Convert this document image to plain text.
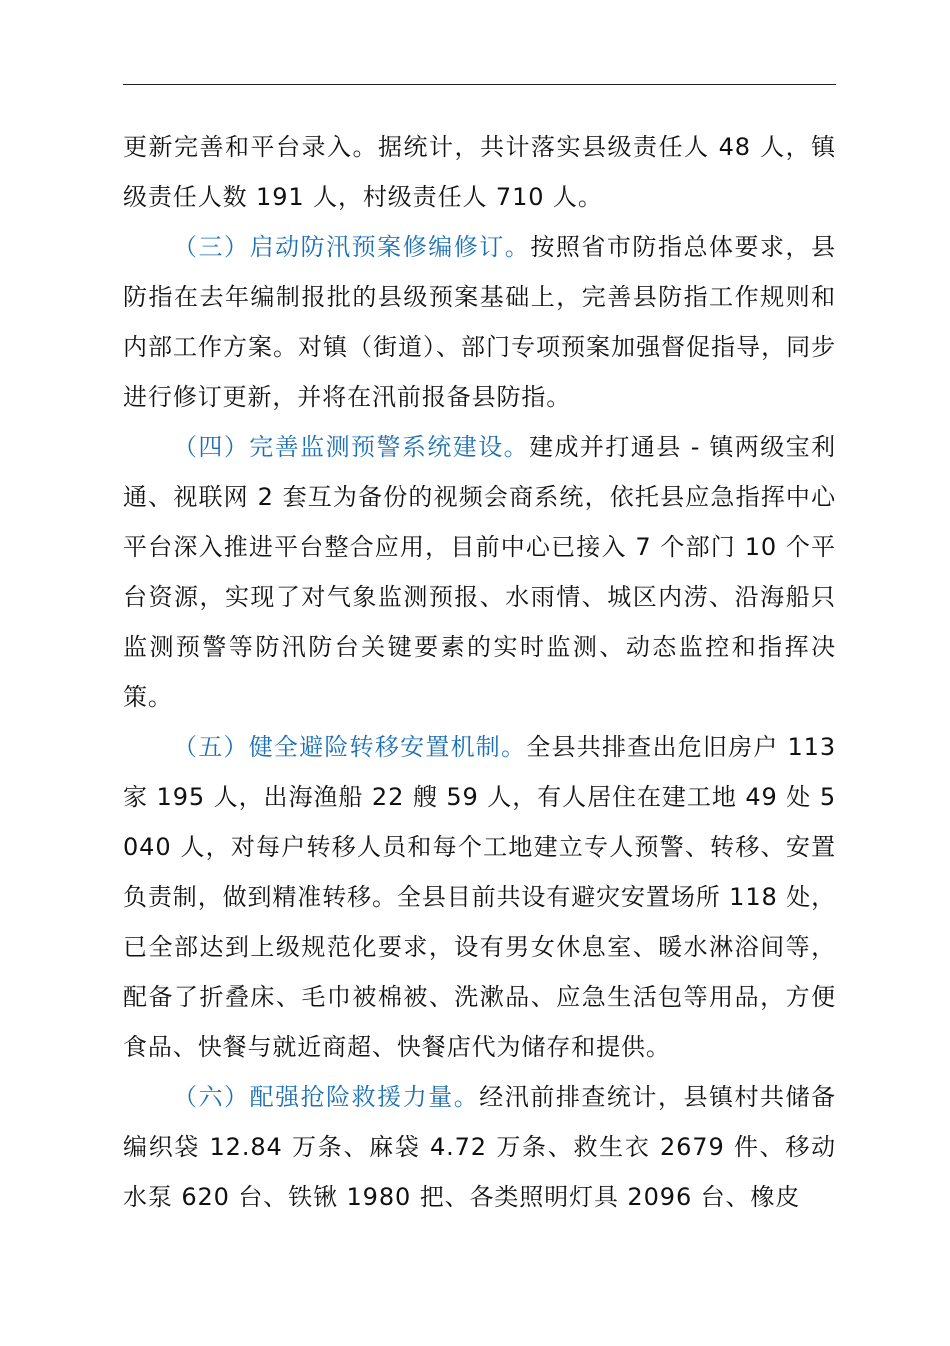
更新完善和平台录入。据统计，共计落实县级责任人 48 人，镇级责任人数 191 人，村级责任人 710 人。

（三）启动防汛预案修编修订。按照省市防指总体要求，县防指在去年编制报批的县级预案基础上，完善县防指工作规则和内部工作方案。对镇（街道）、部门专项预案加强督促指导，同步进行修订更新，并将在汛前报备县防指。

（四）完善监测预警系统建设。建成并打通县 - 镇两级宝利通、视联网 2 套互为备份的视频会商系统，依托县应急指挥中心平台深入推进平台整合应用，目前中心已接入 7 个部门 10 个平台资源，实现了对气象监测预报、水雨情、城区内涝、沿海船只监测预警等防汛防台关键要素的实时监测、动态监控和指挥决策。

（五）健全避险转移安置机制。全县共排查出危旧房户 113 家 195 人，出海渔船 22 艘 59 人，有人居住在建工地 49 处 5040 人，对每户转移人员和每个工地建立专人预警、转移、安置负责制，做到精准转移。全县目前共设有避灾安置场所 118 处，已全部达到上级规范化要求，设有男女休息室、暖水淋浴间等，配备了折叠床、毛巾被棉被、洗漱品、应急生活包等用品，方便食品、快餐与就近商超、快餐店代为储存和提供。

（六）配强抢险救援力量。经汛前排查统计，县镇村共储备编织袋 12.84 万条、麻袋 4.72 万条、救生衣 2679 件、移动水泵 620 台、铁锹 1980 把、各类照明灯具 2096 台、橡皮
